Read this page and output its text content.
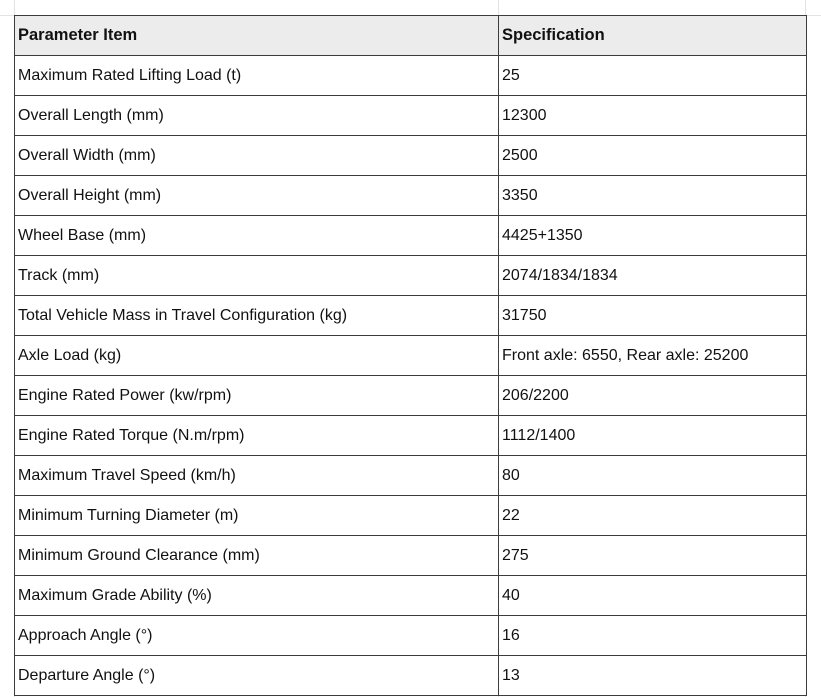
Parameter Item	Specification
Maximum Rated Lifting Load (t)	25
Overall Length (mm)	12300
Overall Width (mm)	2500
Overall Height (mm)	3350
Wheel Base (mm)	4425+1350
Track (mm)	2074/1834/1834
Total Vehicle Mass in Travel Configuration (kg)	31750
Axle Load (kg)	Front axle: 6550, Rear axle: 25200
Engine Rated Power (kw/rpm)	206/2200
Engine Rated Torque (N.m/rpm)	1112/1400
Maximum Travel Speed (km/h)	80
Minimum Turning Diameter (m)	22
Minimum Ground Clearance (mm)	275
Maximum Grade Ability (%)	40
Approach Angle (°)	16
Departure Angle (°)	13
